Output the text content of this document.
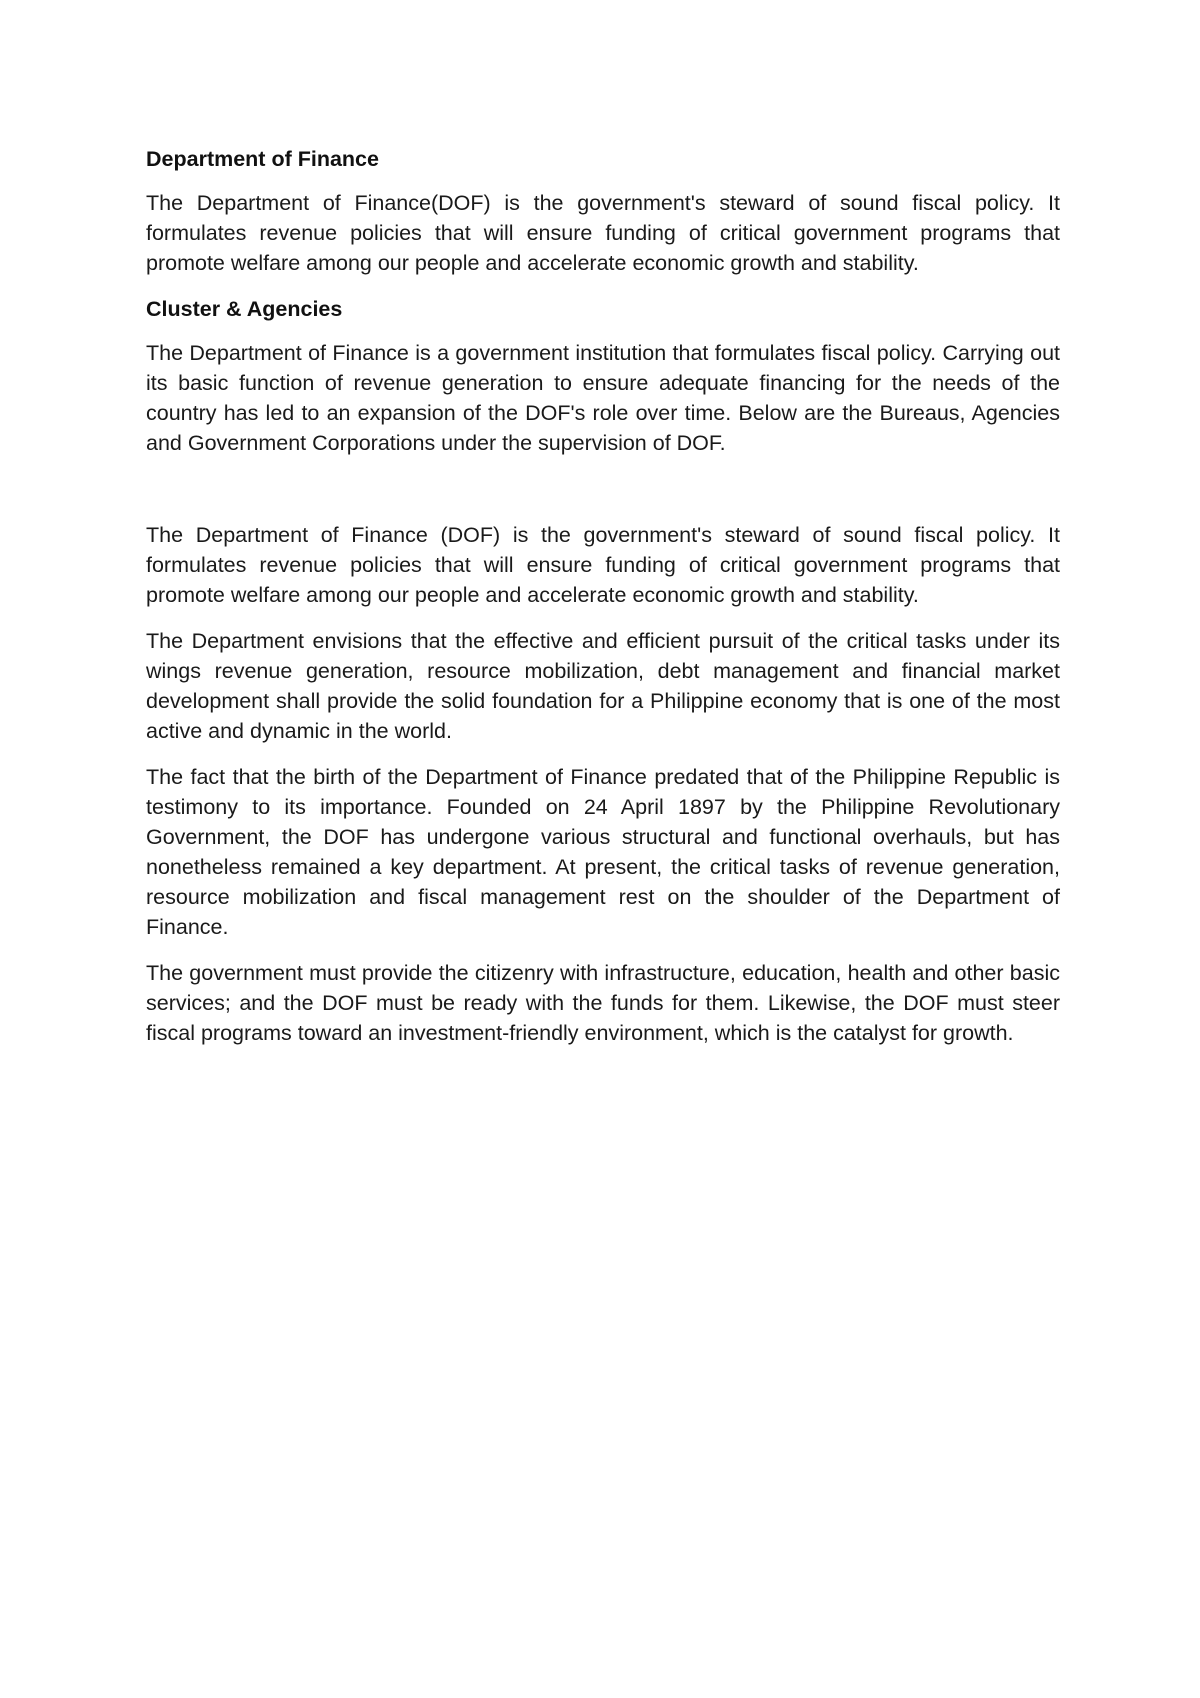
Department of Finance

The Department of Finance(DOF) is the government's steward of sound fiscal policy. It formulates revenue policies that will ensure funding of critical government programs that promote welfare among our people and accelerate economic growth and stability.

Cluster & Agencies

The Department of Finance is a government institution that formulates fiscal policy. Carrying out its basic function of revenue generation to ensure adequate financing for the needs of the country has led to an expansion of the DOF's role over time. Below are the Bureaus, Agencies and Government Corporations under the supervision of DOF.

The Department of Finance (DOF) is the government's steward of sound fiscal policy. It formulates revenue policies that will ensure funding of critical government programs that promote welfare among our people and accelerate economic growth and stability.

The Department envisions that the effective and efficient pursuit of the critical tasks under its wings revenue generation, resource mobilization, debt management and financial market development shall provide the solid foundation for a Philippine economy that is one of the most active and dynamic in the world.

The fact that the birth of the Department of Finance predated that of the Philippine Republic is testimony to its importance. Founded on 24 April 1897 by the Philippine Revolutionary Government, the DOF has undergone various structural and functional overhauls, but has nonetheless remained a key department. At present, the critical tasks of revenue generation, resource mobilization and fiscal management rest on the shoulder of the Department of Finance.

The government must provide the citizenry with infrastructure, education, health and other basic services; and the DOF must be ready with the funds for them. Likewise, the DOF must steer fiscal programs toward an investment-friendly environment, which is the catalyst for growth.
